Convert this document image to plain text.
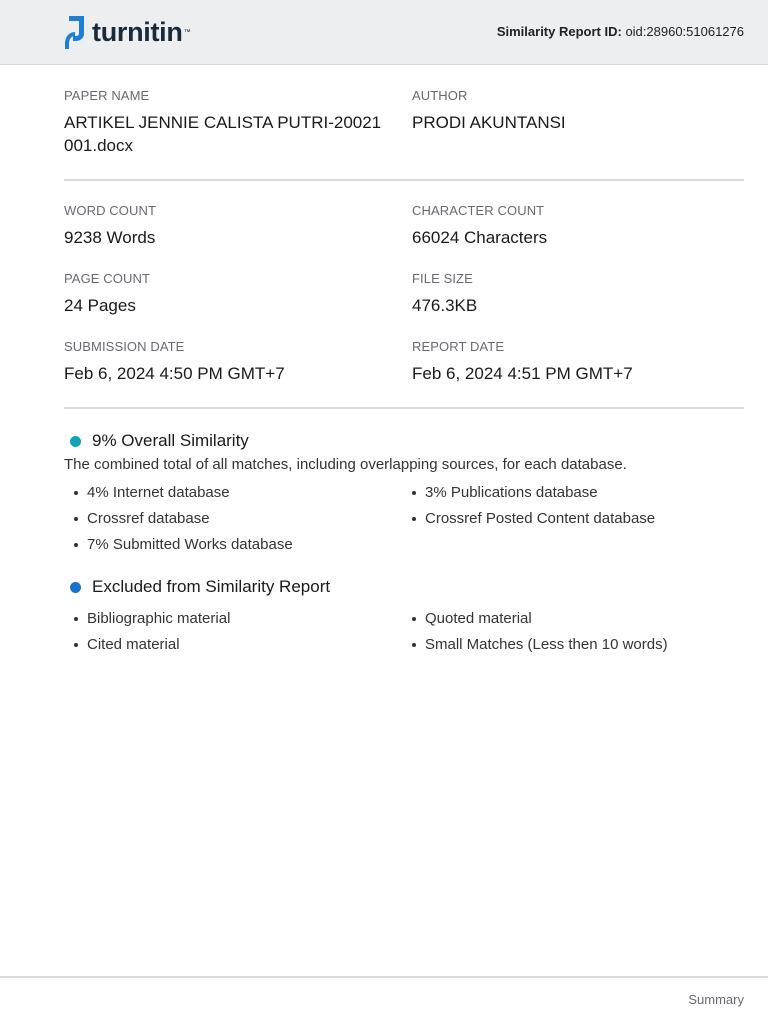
turnitin ™	Similarity Report ID: oid:28960:51061276
PAPER NAME
ARTIKEL JENNIE CALISTA PUTRI-20021 001.docx
AUTHOR
PRODI AKUNTANSI
WORD COUNT
9238 Words
CHARACTER COUNT
66024 Characters
PAGE COUNT
24 Pages
FILE SIZE
476.3KB
SUBMISSION DATE
Feb 6, 2024 4:50 PM GMT+7
REPORT DATE
Feb 6, 2024 4:51 PM GMT+7
9% Overall Similarity
The combined total of all matches, including overlapping sources, for each database.
4% Internet database	3% Publications database
Crossref database	Crossref Posted Content database
7% Submitted Works database
Excluded from Similarity Report
Bibliographic material	Quoted material
Cited material	Small Matches (Less then 10 words)
Summary
